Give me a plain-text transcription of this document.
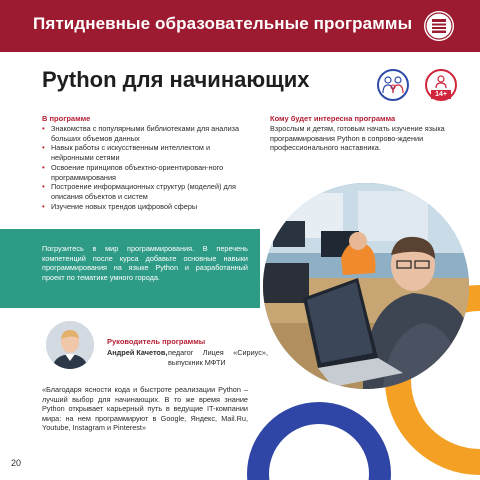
Пятидневные образовательные программы
Python для начинающих
14+
В программе
• Знакомства с популярными библиотеками для анализа больших объемов данных
• Навык работы с искусственным интеллектом и нейронными сетями
• Освоение принципов объектно-ориентирован-ного программирования
• Построение информационных структур (моделей) для описания объектов и систем
• Изучение новых трендов цифровой сферы
Кому будет интересна программа
Взрослым и детям, готовым начать изучение языка программирования Python в сопрово-ждении профессионального наставника.
Погрузитесь в мир программирования. В перечень компетенций после курса добавьте основные навыки программирования на языке Python и разработанный проект по тематике умного города.
Руководитель программы
Андрей Качетов, педагог Лицея «Сириус», выпускник МФТИ
«Благодаря ясности кода и быстроте реализации Python – лучший выбор для начинающих. В то же время знание Python открывает карьерный путь в ведущие IT-компании мира: на нем программируют в Google, Яндекс, Mail.Ru, Youtube, Instagram и Pinterest»
20
